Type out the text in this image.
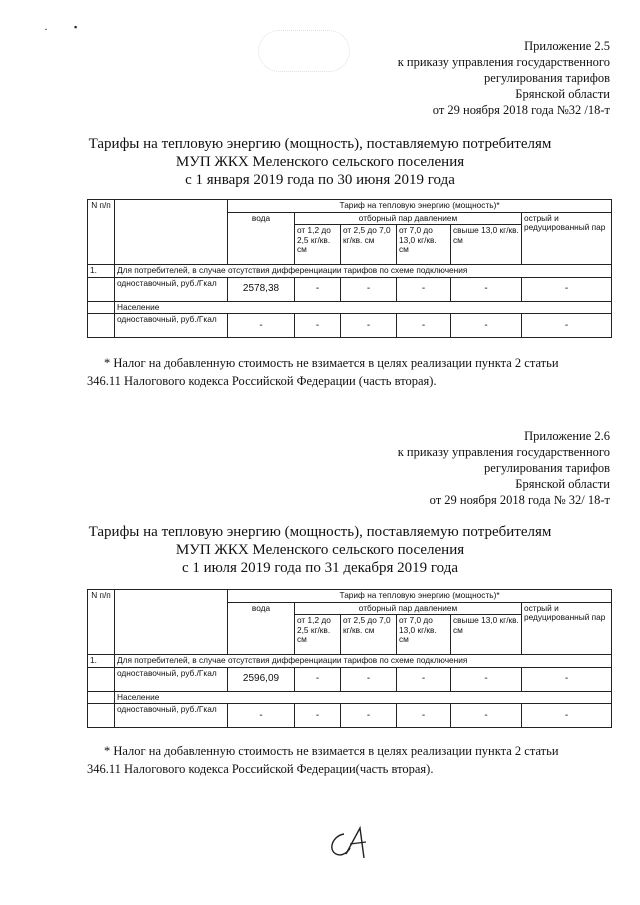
·	▪
Приложение 2.5
к приказу управления государственного
регулирования тарифов
Брянской области
от 29 ноября 2018 года №32 /18-т
Тарифы на тепловую энергию (мощность), поставляемую потребителям
МУП ЖКХ Меленского сельского поселения
с 1 января 2019 года по 30 июня 2019 года
N п/п		Тариф на тепловую энергию (мощность)*					
		вода	отборный пар давлением				острый и редуцированный пар
			от 1,2 до 2,5 кг/кв. см	от 2,5 до 7,0 кг/кв. см	от 7,0 до 13,0 кг/кв. см	свыше 13,0 кг/кв. см	
1.	Для потребителей, в случае отсутствия дифференциации тарифов по схеме подключения						
	одноставочный, руб./Гкал	2578,38	-	-	-	-	-
	Население						
	одноставочный, руб./Гкал	-	-	-	-	-	-
* Налог на добавленную стоимость не взимается в целях реализации пункта 2 статьи
346.11 Налогового кодекса Российской Федерации (часть вторая).
Приложение 2.6
к приказу управления государственного
регулирования тарифов
Брянской области
от 29 ноября 2018 года № 32/ 18-т
Тарифы на тепловую энергию (мощность), поставляемую потребителям
МУП ЖКХ Меленского сельского поселения
с 1 июля 2019 года по 31 декабря 2019 года
N п/п		Тариф на тепловую энергию (мощность)*					
		вода	отборный пар давлением				острый и редуцированный пар
			от 1,2 до 2,5 кг/кв. см	от 2,5 до 7,0 кг/кв. см	от 7,0 до 13,0 кг/кв. см	свыше 13,0 кг/кв. см	
1.	Для потребителей, в случае отсутствия дифференциации тарифов по схеме подключения						
	одноставочный, руб./Гкал	2596,09	-	-	-	-	-
	Население						
	одноставочный, руб./Гкал	-	-	-	-	-	-
* Налог на добавленную стоимость не взимается в целях реализации пункта 2 статьи
346.11 Налогового кодекса Российской Федерации(часть вторая).
